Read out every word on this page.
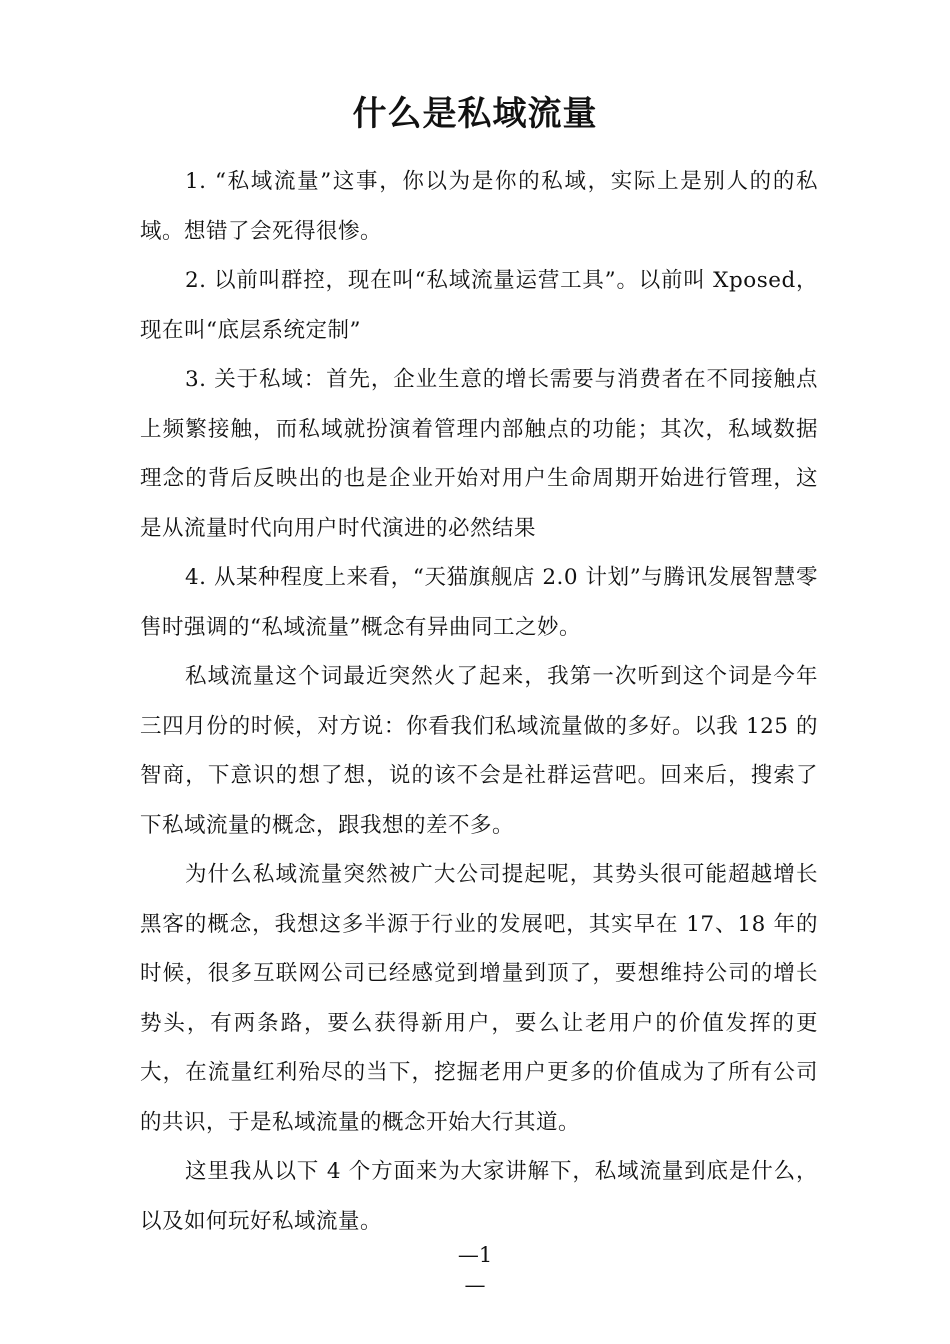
什么是私域流量

1. “私域流量”这事，你以为是你的私域，实际上是别人的的私域。想错了会死得很惨。

2. 以前叫群控，现在叫“私域流量运营工具”。以前叫 Xposed，现在叫“底层系统定制”

3. 关于私域：首先，企业生意的增长需要与消费者在不同接触点上频繁接触，而私域就扮演着管理内部触点的功能；其次，私域数据理念的背后反映出的也是企业开始对用户生命周期开始进行管理，这是从流量时代向用户时代演进的必然结果

4. 从某种程度上来看，“天猫旗舰店 2.0 计划”与腾讯发展智慧零售时强调的“私域流量”概念有异曲同工之妙。

私域流量这个词最近突然火了起来，我第一次听到这个词是今年三四月份的时候，对方说：你看我们私域流量做的多好。以我 125 的智商，下意识的想了想，说的该不会是社群运营吧。回来后，搜索了下私域流量的概念，跟我想的差不多。

为什么私域流量突然被广大公司提起呢，其势头很可能超越增长黑客的概念，我想这多半源于行业的发展吧，其实早在 17、18 年的时候，很多互联网公司已经感觉到增量到顶了，要想维持公司的增长势头，有两条路，要么获得新用户，要么让老用户的价值发挥的更大，在流量红利殆尽的当下，挖掘老用户更多的价值成为了所有公司的共识，于是私域流量的概念开始大行其道。

这里我从以下 4 个方面来为大家讲解下，私域流量到底是什么，以及如何玩好私域流量。

—1
—
